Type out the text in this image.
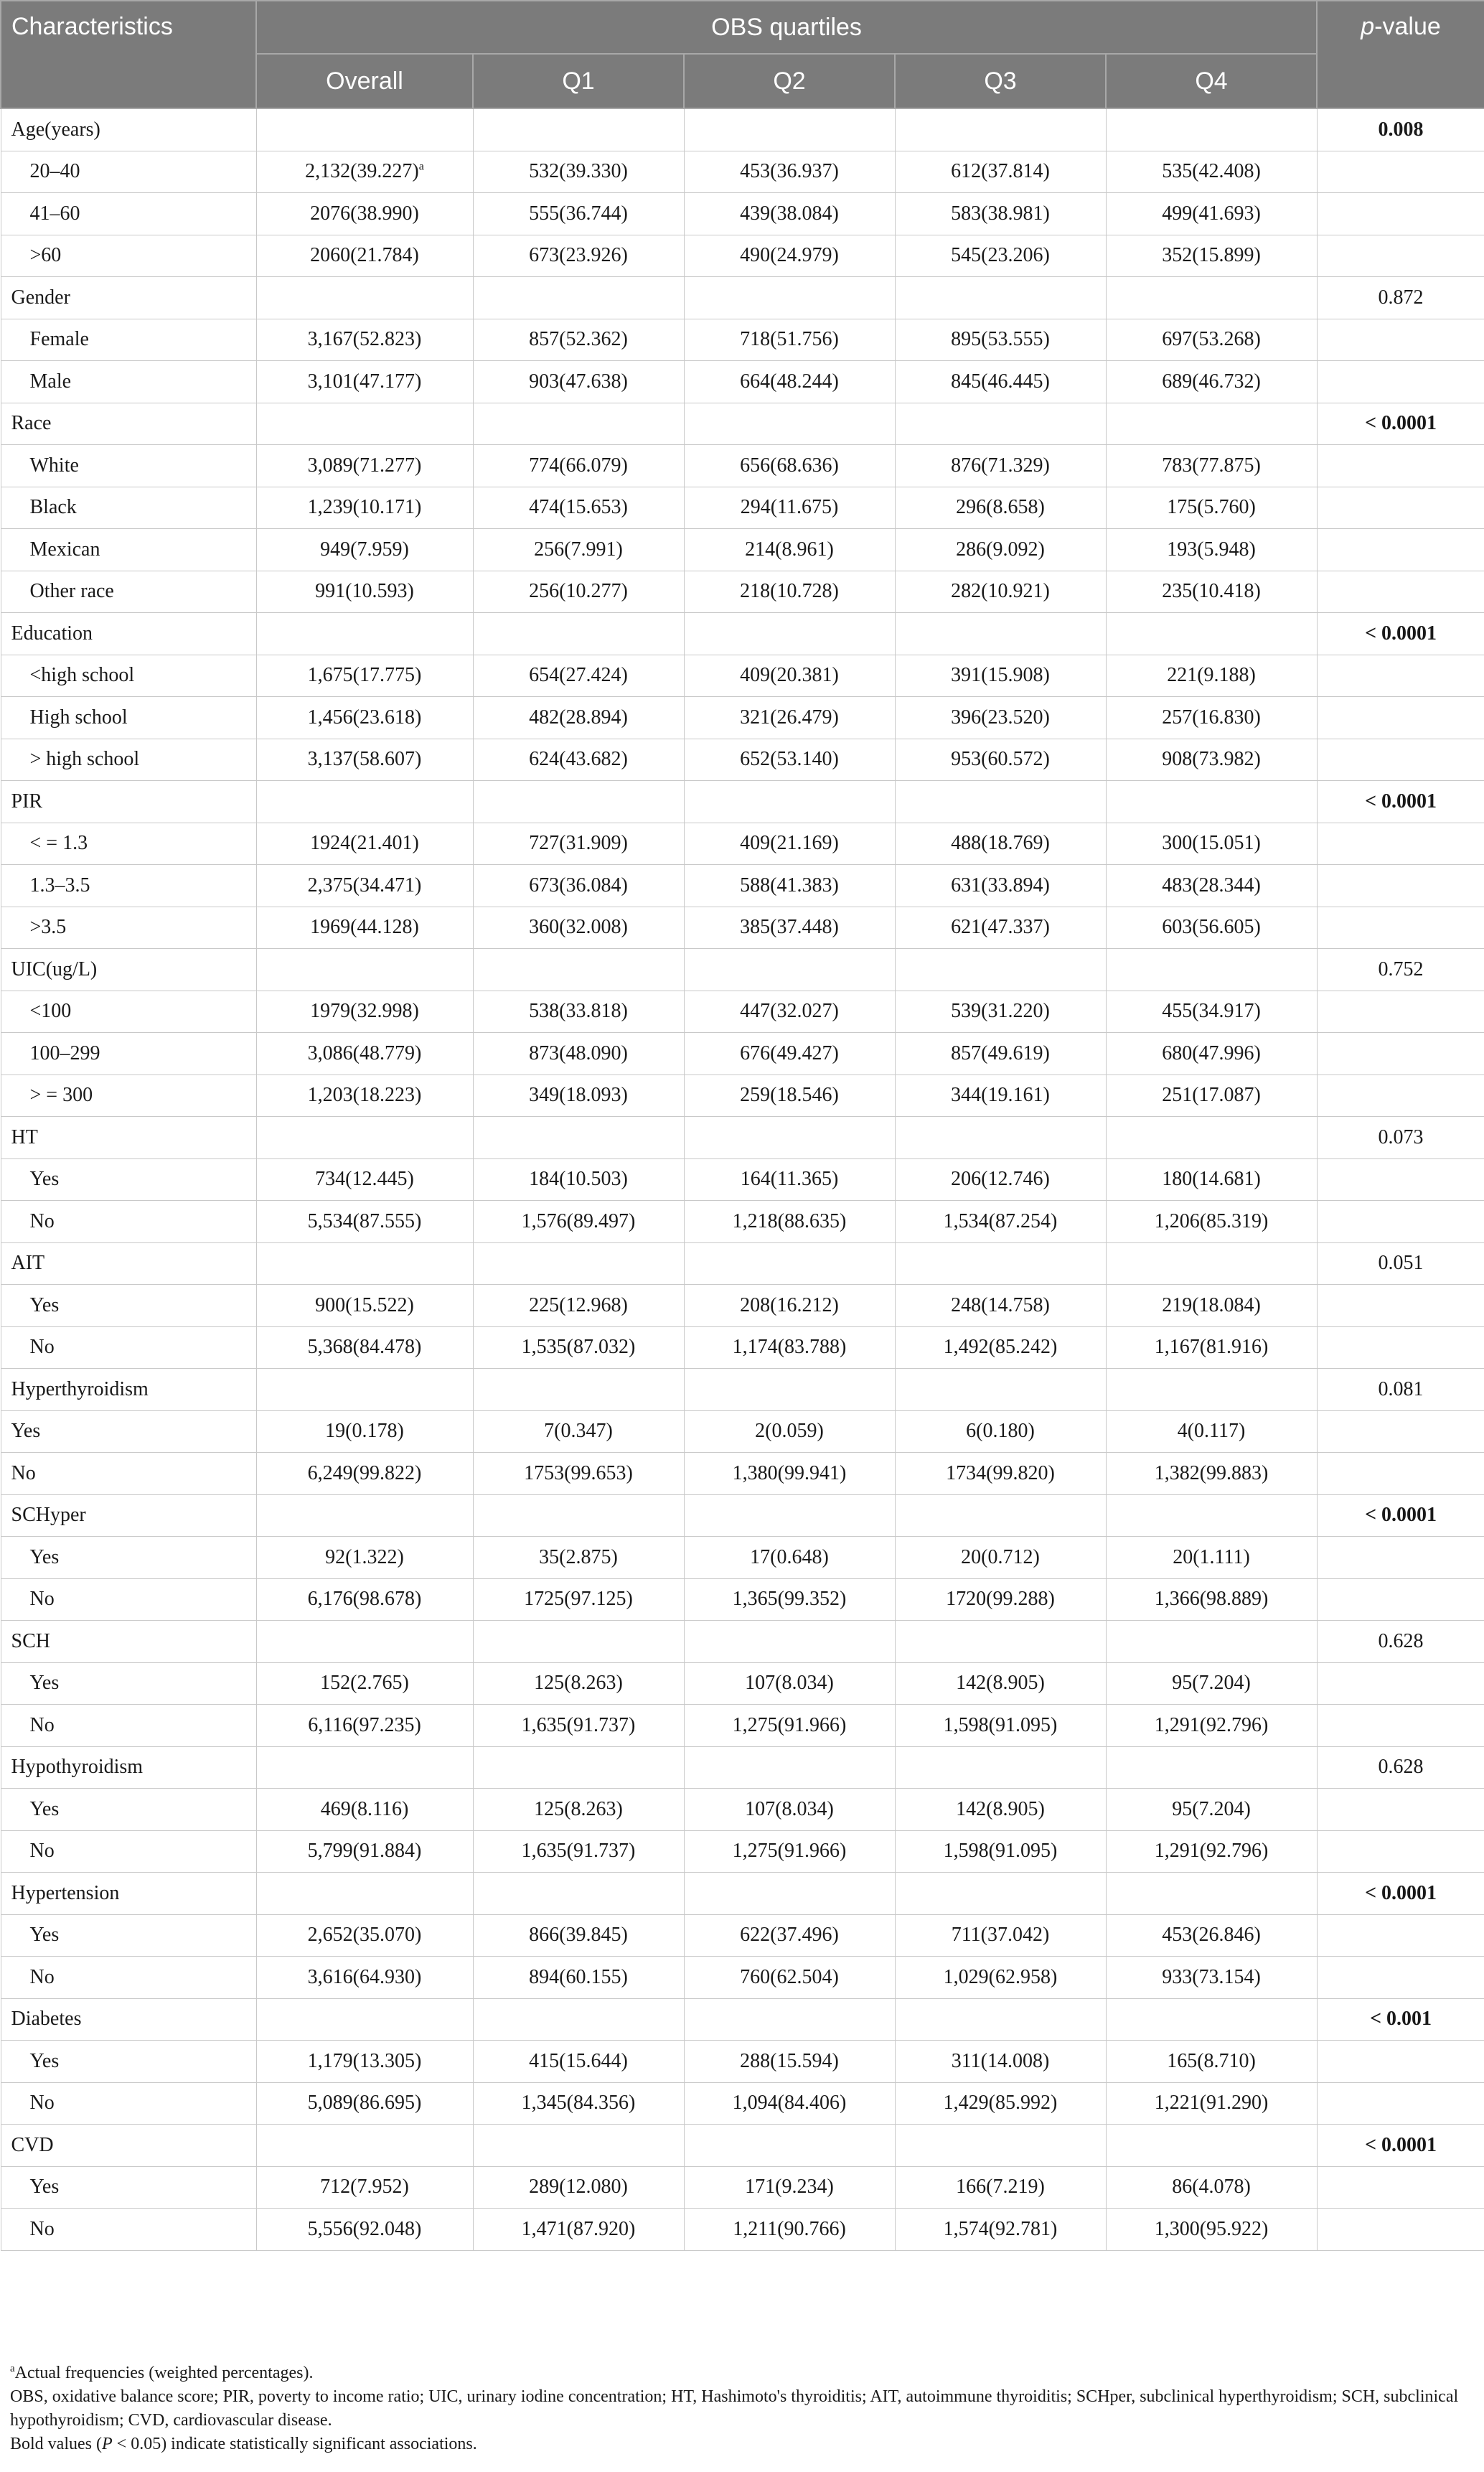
Characteristics	OBS quartiles					p-value
	Overall	Q1	Q2	Q3	Q4	
Age(years)						0.008
20–40	$2,132(39.227)^a$	532(39.330)	453(36.937)	612(37.814)	535(42.408)	
41–60	2076(38.990)	555(36.744)	439(38.084)	583(38.981)	499(41.693)	
>60	2060(21.784)	673(23.926)	490(24.979)	545(23.206)	352(15.899)	
Gender						0.872
Female	3,167(52.823)	857(52.362)	718(51.756)	895(53.555)	697(53.268)	
Male	3,101(47.177)	903(47.638)	664(48.244)	845(46.445)	689(46.732)	
Race						< 0.0001
White	3,089(71.277)	774(66.079)	656(68.636)	876(71.329)	783(77.875)	
Black	1,239(10.171)	474(15.653)	294(11.675)	296(8.658)	175(5.760)	
Mexican	949(7.959)	256(7.991)	214(8.961)	286(9.092)	193(5.948)	
Other race	991(10.593)	256(10.277)	218(10.728)	282(10.921)	235(10.418)	
Education						< 0.0001
<high school	1,675(17.775)	654(27.424)	409(20.381)	391(15.908)	221(9.188)	
High school	1,456(23.618)	482(28.894)	321(26.479)	396(23.520)	257(16.830)	
> high school	3,137(58.607)	624(43.682)	652(53.140)	953(60.572)	908(73.982)	
PIR						< 0.0001
< = 1.3	1924(21.401)	727(31.909)	409(21.169)	488(18.769)	300(15.051)	
1.3–3.5	2,375(34.471)	673(36.084)	588(41.383)	631(33.894)	483(28.344)	
>3.5	1969(44.128)	360(32.008)	385(37.448)	621(47.337)	603(56.605)	
UIC(ug/L)						0.752
<100	1979(32.998)	538(33.818)	447(32.027)	539(31.220)	455(34.917)	
100–299	3,086(48.779)	873(48.090)	676(49.427)	857(49.619)	680(47.996)	
> = 300	1,203(18.223)	349(18.093)	259(18.546)	344(19.161)	251(17.087)	
HT						0.073
Yes	734(12.445)	184(10.503)	164(11.365)	206(12.746)	180(14.681)	
No	5,534(87.555)	1,576(89.497)	1,218(88.635)	1,534(87.254)	1,206(85.319)	
AIT						0.051
Yes	900(15.522)	225(12.968)	208(16.212)	248(14.758)	219(18.084)	
No	5,368(84.478)	1,535(87.032)	1,174(83.788)	1,492(85.242)	1,167(81.916)	
Hyperthyroidism						0.081
Yes	19(0.178)	7(0.347)	2(0.059)	6(0.180)	4(0.117)	
No	6,249(99.822)	1753(99.653)	1,380(99.941)	1734(99.820)	1,382(99.883)	
SCHyper						< 0.0001
Yes	92(1.322)	35(2.875)	17(0.648)	20(0.712)	20(1.111)	
No	6,176(98.678)	1725(97.125)	1,365(99.352)	1720(99.288)	1,366(98.889)	
SCH						0.628
Yes	152(2.765)	125(8.263)	107(8.034)	142(8.905)	95(7.204)	
No	6,116(97.235)	1,635(91.737)	1,275(91.966)	1,598(91.095)	1,291(92.796)	
Hypothyroidism						0.628
Yes	469(8.116)	125(8.263)	107(8.034)	142(8.905)	95(7.204)	
No	5,799(91.884)	1,635(91.737)	1,275(91.966)	1,598(91.095)	1,291(92.796)	
Hypertension						< 0.0001
Yes	2,652(35.070)	866(39.845)	622(37.496)	711(37.042)	453(26.846)	
No	3,616(64.930)	894(60.155)	760(62.504)	1,029(62.958)	933(73.154)	
Diabetes						< 0.001
Yes	1,179(13.305)	415(15.644)	288(15.594)	311(14.008)	165(8.710)	
No	5,089(86.695)	1,345(84.356)	1,094(84.406)	1,429(85.992)	1,221(91.290)	
CVD						< 0.0001
Yes	712(7.952)	289(12.080)	171(9.234)	166(7.219)	86(4.078)	
No	5,556(92.048)	1,471(87.920)	1,211(90.766)	1,574(92.781)	1,300(95.922)	
$^a$Actual frequencies (weighted percentages).
OBS, oxidative balance score; PIR, poverty to income ratio; UIC, urinary iodine concentration; HT, Hashimoto's thyroiditis; AIT, autoimmune thyroiditis; SCHper, subclinical hyperthyroidism; SCH, subclinical hypothyroidism; CVD, cardiovascular disease.
Bold values (P < 0.05) indicate statistically significant associations.
